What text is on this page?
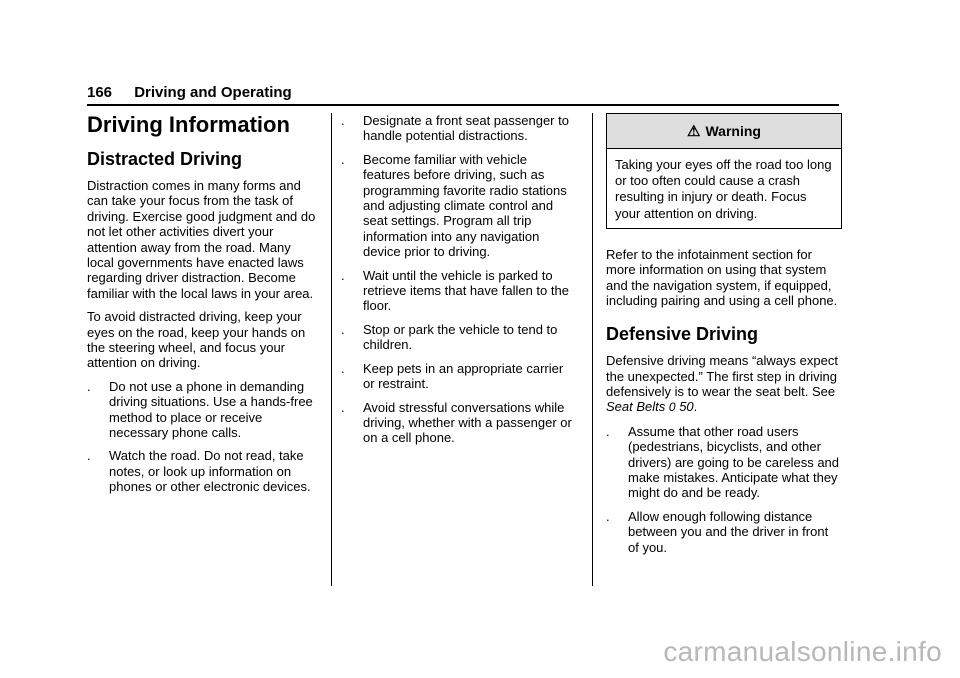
166 Driving and Operating
Driving Information
Distracted Driving

Distraction comes in many forms and can take your focus from the task of driving. Exercise good judgment and do not let other activities divert your attention away from the road. Many local governments have enacted laws regarding driver distraction. Become familiar with the local laws in your area.

To avoid distracted driving, keep your eyes on the road, keep your hands on the steering wheel, and focus your attention on driving.

. Do not use a phone in demanding driving situations. Use a hands-free method to place or receive necessary phone calls.
. Watch the road. Do not read, take notes, or look up information on phones or other electronic devices.
. Designate a front seat passenger to handle potential distractions.
. Become familiar with vehicle features before driving, such as programming favorite radio stations and adjusting climate control and seat settings. Program all trip information into any navigation device prior to driving.
. Wait until the vehicle is parked to retrieve items that have fallen to the floor.
. Stop or park the vehicle to tend to children.
. Keep pets in an appropriate carrier or restraint.
. Avoid stressful conversations while driving, whether with a passenger or on a cell phone.
⚠ Warning
Taking your eyes off the road too long or too often could cause a crash resulting in injury or death. Focus your attention on driving.

Refer to the infotainment section for more information on using that system and the navigation system, if equipped, including pairing and using a cell phone.

Defensive Driving

Defensive driving means “always expect the unexpected.” The first step in driving defensively is to wear the seat belt. See Seat Belts 0 50.

. Assume that other road users (pedestrians, bicyclists, and other drivers) are going to be careless and make mistakes. Anticipate what they might do and be ready.
. Allow enough following distance between you and the driver in front of you.
carmanualsonline.info
